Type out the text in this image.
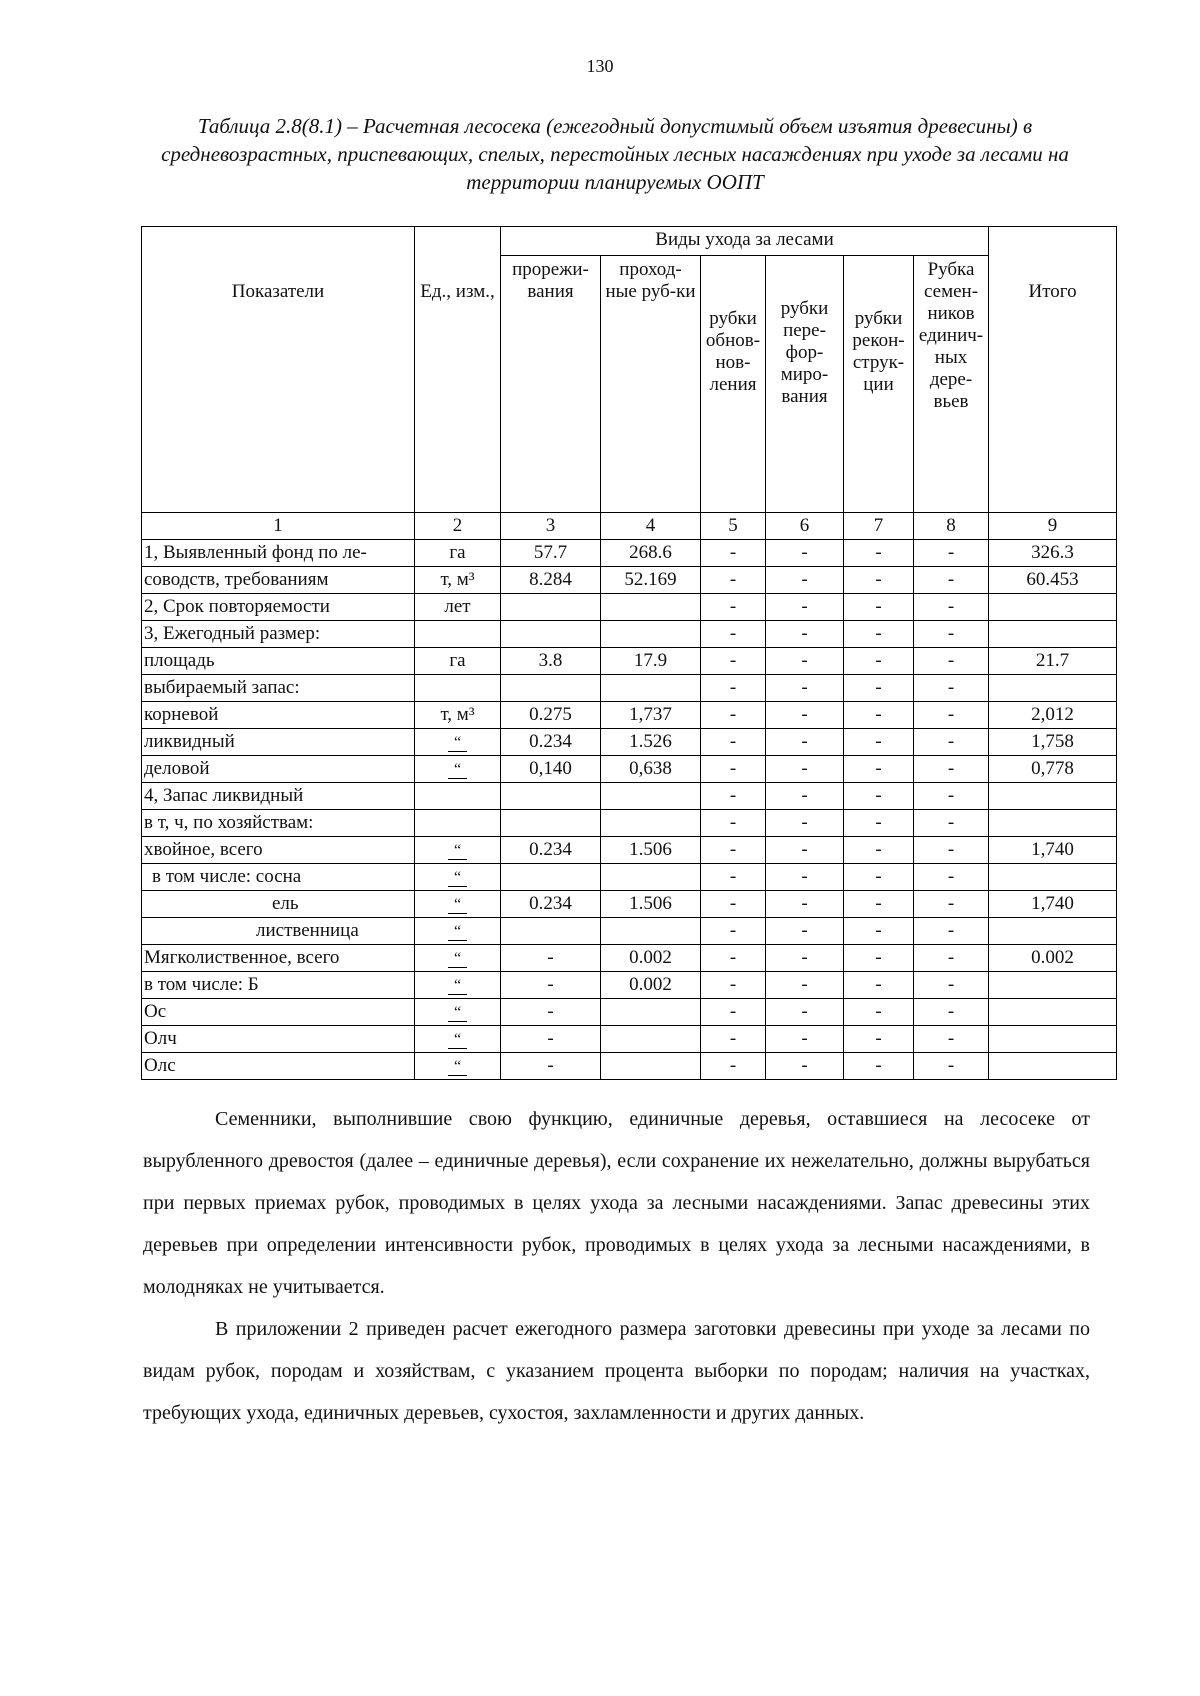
130
Таблица 2.8(8.1) – Расчетная лесосека (ежегодный допустимый объем изъятия древесины) в средневозрастных, приспевающих, спелых, перестойных лесных насаждениях при уходе за лесами на территории планируемых ООПТ
Показатели	Ед., изм.,	Виды ухода за лесами						Итого
		прорежи-вания	проход-ные руб-ки	рубки обнов-нов-ления	рубки пере-фор-миро-вания	рубки рекон-струк-ции	Рубка семен-ников единич-ных дере-вьев	
1	2	3	4	5	6	7	8	9
1, Выявленный фонд по ле-	га	57.7	268.6	-	-	-	-	326.3
соводств, требованиям	т, м³	8.284	52.169	-	-	-	-	60.453
2, Срок повторяемости	лет			-	-	-	-	
3, Ежегодный размер:				-	-	-	-	
площадь	га	3.8	17.9	-	-	-	-	21.7
выбираемый запас:				-	-	-	-	
корневой	т, м³	0.275	1,737	-	-	-	-	2,012
ликвидный	“	0.234	1.526	-	-	-	-	1,758
деловой	“	0,140	0,638	-	-	-	-	0,778
4, Запас ликвидный				-	-	-	-	
в т, ч, по хозяйствам:				-	-	-	-	
хвойное, всего	“	0.234	1.506	-	-	-	-	1,740
в том числе: сосна	“			-	-	-	-	
ель	“	0.234	1.506	-	-	-	-	1,740
лиственница	“			-	-	-	-	
Мягколиственное, всего	“	-	0.002	-	-	-	-	0.002
в том числе: Б	“	-	0.002	-	-	-	-	
Ос	“	-		-	-	-	-	
Олч	“	-		-	-	-	-	
Олс	“	-		-	-	-	-	

Семенники, выполнившие свою функцию, единичные деревья, оставшиеся на лесосеке от вырубленного древостоя (далее – единичные деревья), если сохранение их нежелательно, должны вырубаться при первых приемах рубок, проводимых в целях ухода за лесными насаждениями. Запас древесины этих деревьев при определении интенсивности рубок, проводимых в целях ухода за лесными насаждениями, в молодняках не учитывается.

В приложении 2 приведен расчет ежегодного размера заготовки древесины при уходе за лесами по видам рубок, породам и хозяйствам, с указанием процента выборки по породам; наличия на участках, требующих ухода, единичных деревьев, сухостоя, захламленности и других данных.
